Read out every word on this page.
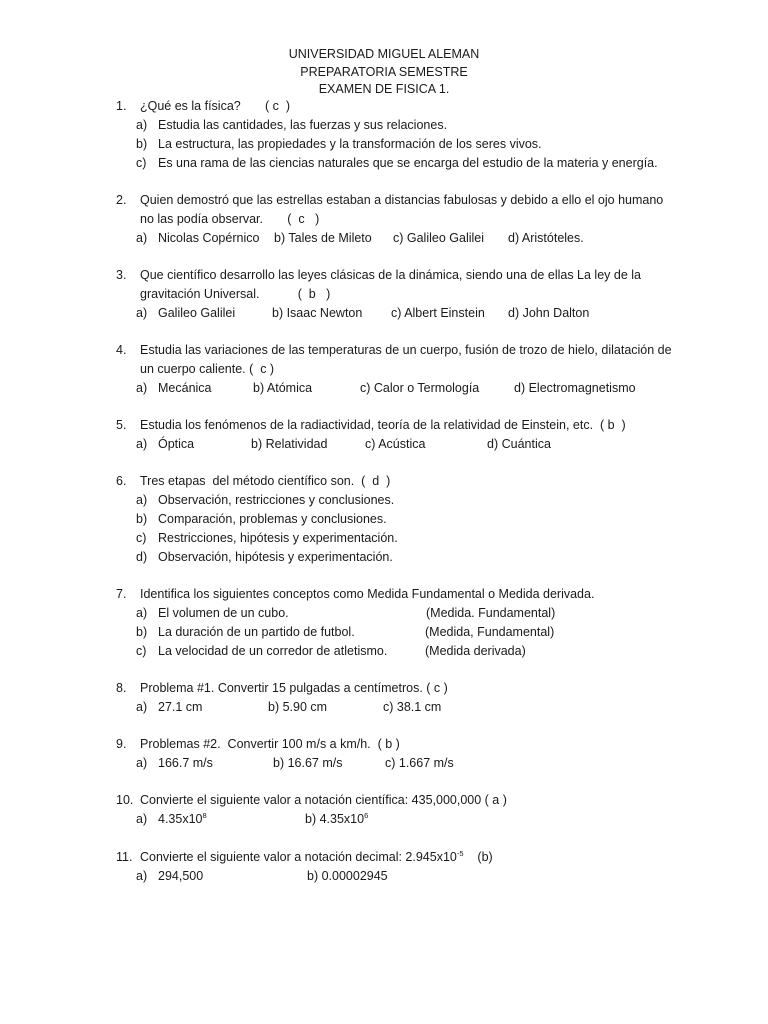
UNIVERSIDAD MIGUEL ALEMAN
PREPARATORIA SEMESTRE
EXAMEN DE FISICA 1.
1. ¿Qué es la física?       ( c  )
a) Estudia las cantidades, las fuerzas y sus relaciones.
b) La estructura, las propiedades y la transformación de los seres vivos.
c) Es una rama de las ciencias naturales que se encarga del estudio de la materia y energía.
2. Quien demostró que las estrellas estaban a distancias fabulosas y debido a ello el ojo humano
no las podía observar.       (  c   )
a) Nicolas Copérnico b) Tales de Mileto c) Galileo Galilei d) Aristóteles.
3. Que científico desarrollo las leyes clásicas de la dinámica, siendo una de ellas La ley de la
gravitación Universal.           (  b   )
a) Galileo Galilei	b) Isaac Newton c) Albert Einstein d) John Dalton
4. Estudia las variaciones de las temperaturas de un cuerpo, fusión de trozo de hielo, dilatación de
un cuerpo caliente. (  c )
a) Mecánica	b) Atómica	c) Calor o Termología	d) Electromagnetismo
5. Estudia los fenómenos de la radiactividad, teoría de la relatividad de Einstein, etc.  ( b  )
a) Óptica	b) Relatividad	c) Acústica	d) Cuántica
6. Tres etapas  del método científico son.  (  d  )
a) Observación, restricciones y conclusiones.
b) Comparación, problemas y conclusiones.
c) Restricciones, hipótesis y experimentación.
d) Observación, hipótesis y experimentación.
7. Identifica los siguientes conceptos como Medida Fundamental o Medida derivada.
a) El volumen de un cubo.	(Medida. Fundamental)
b) La duración de un partido de futbol.	(Medida, Fundamental)
c) La velocidad de un corredor de atletismo.	(Medida derivada)
8. Problema #1. Convertir 15 pulgadas a centímetros. ( c )
a) 27.1 cm	b) 5.90 cm	c) 38.1 cm
9. Problemas #2.  Convertir 100 m/s a km/h.  ( b )
a) 166.7 m/s	b) 16.67 m/s	c) 1.667 m/s
10. Convierte el siguiente valor a notación científica: 435,000,000 ( a )
a) $4.35x10^8$	b) $4.35x10^6$
11. Convierte el siguiente valor a notación decimal: $2.945x10^{-5}$    (b)
a) 294,500	b) 0.00002945
